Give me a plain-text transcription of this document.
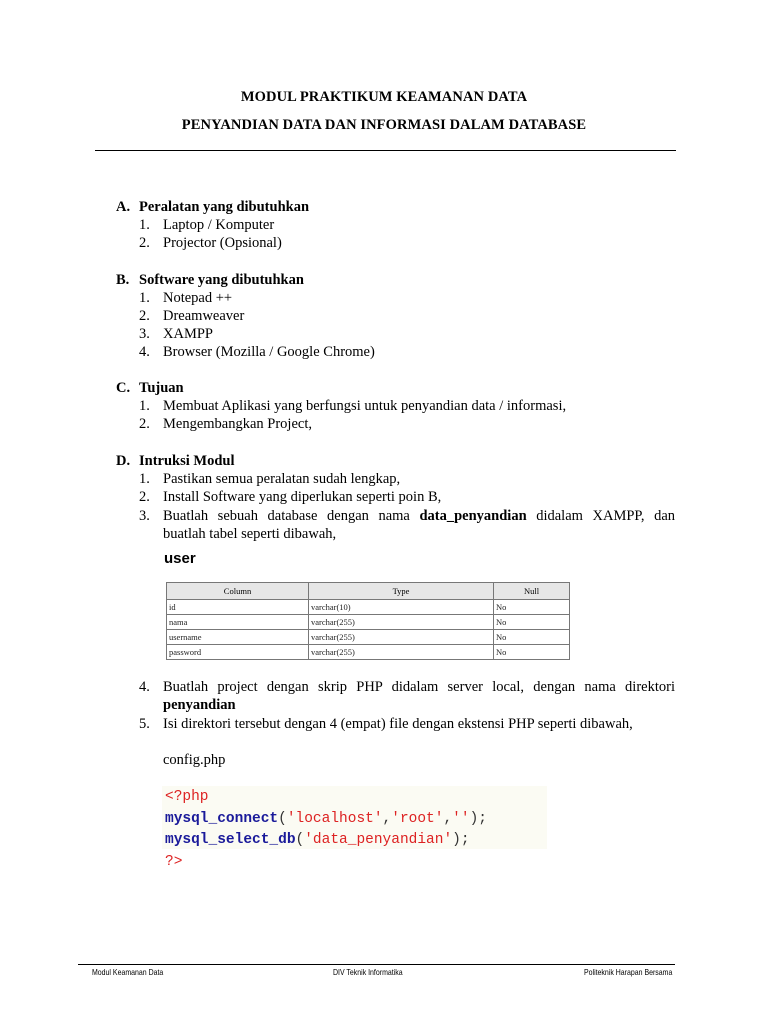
MODUL PRAKTIKUM KEAMANAN DATA
PENYANDIAN DATA DAN INFORMASI DALAM DATABASE
A. Peralatan yang dibutuhkan
1. Laptop / Komputer
2. Projector (Opsional)
B. Software yang dibutuhkan
1. Notepad ++
2. Dreamweaver
3. XAMPP
4. Browser (Mozilla / Google Chrome)
C. Tujuan
1. Membuat Aplikasi yang berfungsi untuk penyandian data / informasi,
2. Mengembangkan Project,
D. Intruksi Modul
1. Pastikan semua peralatan sudah lengkap,
2. Install Software yang diperlukan seperti poin B,
3. Buatlah sebuah database dengan nama data_penyandian didalam XAMPP, dan
buatlah tabel seperti dibawah,
user
Column	Type	Null
id	varchar(10)	No
nama	varchar(255)	No
username	varchar(255)	No
password	varchar(255)	No
4. Buatlah project dengan skrip PHP didalam server local, dengan nama direktori
penyandian
5. Isi direktori tersebut dengan 4 (empat) file dengan ekstensi PHP seperti dibawah,
config.php
<?php
mysql_connect('localhost','root','');
mysql_select_db('data_penyandian');
?>
Modul Keamanan Data	DIV Teknik Informatika	Politeknik Harapan Bersama
